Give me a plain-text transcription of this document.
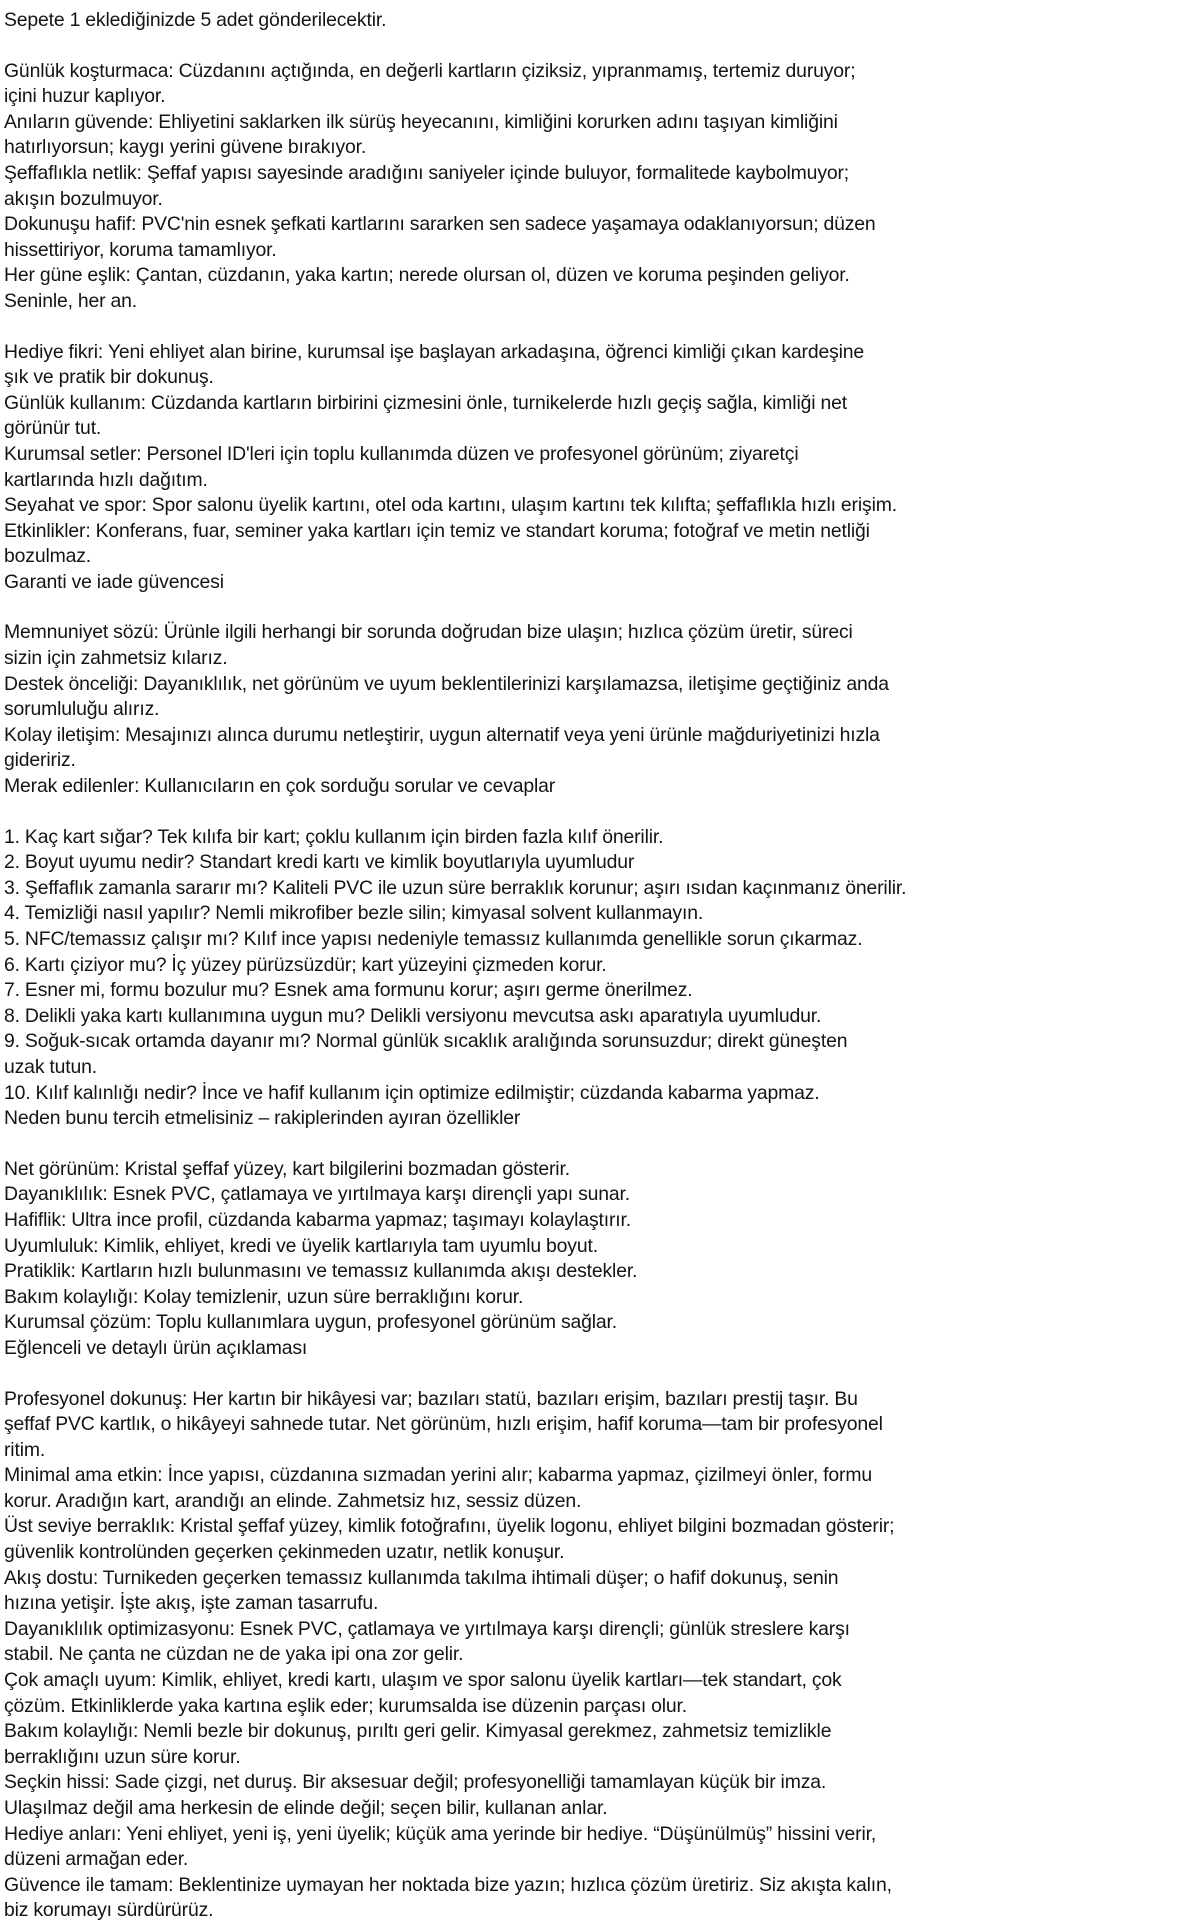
Sepete 1 eklediğinizde 5 adet gönderilecektir.
Günlük koşturmaca: Cüzdanını açtığında, en değerli kartların çiziksiz, yıpranmamış, tertemiz duruyor;
içini huzur kaplıyor.
Anıların güvende: Ehliyetini saklarken ilk sürüş heyecanını, kimliğini korurken adını taşıyan kimliğini
hatırlıyorsun; kaygı yerini güvene bırakıyor.
Şeffaflıkla netlik: Şeffaf yapısı sayesinde aradığını saniyeler içinde buluyor, formalitede kaybolmuyor;
akışın bozulmuyor.
Dokunuşu hafif: PVC'nin esnek şefkati kartlarını sararken sen sadece yaşamaya odaklanıyorsun; düzen
hissettiriyor, koruma tamamlıyor.
Her güne eşlik: Çantan, cüzdanın, yaka kartın; nerede olursan ol, düzen ve koruma peşinden geliyor.
Seninle, her an.
Hediye fikri: Yeni ehliyet alan birine, kurumsal işe başlayan arkadaşına, öğrenci kimliği çıkan kardeşine
şık ve pratik bir dokunuş.
Günlük kullanım: Cüzdanda kartların birbirini çizmesini önle, turnikelerde hızlı geçiş sağla, kimliği net
görünür tut.
Kurumsal setler: Personel ID'leri için toplu kullanımda düzen ve profesyonel görünüm; ziyaretçi
kartlarında hızlı dağıtım.
Seyahat ve spor: Spor salonu üyelik kartını, otel oda kartını, ulaşım kartını tek kılıfta; şeffaflıkla hızlı erişim.
Etkinlikler: Konferans, fuar, seminer yaka kartları için temiz ve standart koruma; fotoğraf ve metin netliği
bozulmaz.
Garanti ve iade güvencesi
Memnuniyet sözü: Ürünle ilgili herhangi bir sorunda doğrudan bize ulaşın; hızlıca çözüm üretir, süreci
sizin için zahmetsiz kılarız.
Destek önceliği: Dayanıklılık, net görünüm ve uyum beklentilerinizi karşılamazsa, iletişime geçtiğiniz anda
sorumluluğu alırız.
Kolay iletişim: Mesajınızı alınca durumu netleştirir, uygun alternatif veya yeni ürünle mağduriyetinizi hızla
gideririz.
Merak edilenler: Kullanıcıların en çok sorduğu sorular ve cevaplar
1. Kaç kart sığar? Tek kılıfa bir kart; çoklu kullanım için birden fazla kılıf önerilir.
2. Boyut uyumu nedir? Standart kredi kartı ve kimlik boyutlarıyla uyumludur
3. Şeffaflık zamanla sararır mı? Kaliteli PVC ile uzun süre berraklık korunur; aşırı ısıdan kaçınmanız önerilir.
4. Temizliği nasıl yapılır? Nemli mikrofiber bezle silin; kimyasal solvent kullanmayın.
5. NFC/temassız çalışır mı? Kılıf ince yapısı nedeniyle temassız kullanımda genellikle sorun çıkarmaz.
6. Kartı çiziyor mu? İç yüzey pürüzsüzdür; kart yüzeyini çizmeden korur.
7. Esner mi, formu bozulur mu? Esnek ama formunu korur; aşırı germe önerilmez.
8. Delikli yaka kartı kullanımına uygun mu? Delikli versiyonu mevcutsa askı aparatıyla uyumludur.
9. Soğuk-sıcak ortamda dayanır mı? Normal günlük sıcaklık aralığında sorunsuzdur; direkt güneşten
uzak tutun.
10. Kılıf kalınlığı nedir? İnce ve hafif kullanım için optimize edilmiştir; cüzdanda kabarma yapmaz.
Neden bunu tercih etmelisiniz – rakiplerinden ayıran özellikler
Net görünüm: Kristal şeffaf yüzey, kart bilgilerini bozmadan gösterir.
Dayanıklılık: Esnek PVC, çatlamaya ve yırtılmaya karşı dirençli yapı sunar.
Hafiflik: Ultra ince profil, cüzdanda kabarma yapmaz; taşımayı kolaylaştırır.
Uyumluluk: Kimlik, ehliyet, kredi ve üyelik kartlarıyla tam uyumlu boyut.
Pratiklik: Kartların hızlı bulunmasını ve temassız kullanımda akışı destekler.
Bakım kolaylığı: Kolay temizlenir, uzun süre berraklığını korur.
Kurumsal çözüm: Toplu kullanımlara uygun, profesyonel görünüm sağlar.
Eğlenceli ve detaylı ürün açıklaması
Profesyonel dokunuş: Her kartın bir hikâyesi var; bazıları statü, bazıları erişim, bazıları prestij taşır. Bu
şeffaf PVC kartlık, o hikâyeyi sahnede tutar. Net görünüm, hızlı erişim, hafif koruma—tam bir profesyonel
ritim.
Minimal ama etkin: İnce yapısı, cüzdanına sızmadan yerini alır; kabarma yapmaz, çizilmeyi önler, formu
korur. Aradığın kart, arandığı an elinde. Zahmetsiz hız, sessiz düzen.
Üst seviye berraklık: Kristal şeffaf yüzey, kimlik fotoğrafını, üyelik logonu, ehliyet bilgini bozmadan gösterir;
güvenlik kontrolünden geçerken çekinmeden uzatır, netlik konuşur.
Akış dostu: Turnikeden geçerken temassız kullanımda takılma ihtimali düşer; o hafif dokunuş, senin
hızına yetişir. İşte akış, işte zaman tasarrufu.
Dayanıklılık optimizasyonu: Esnek PVC, çatlamaya ve yırtılmaya karşı dirençli; günlük streslere karşı
stabil. Ne çanta ne cüzdan ne de yaka ipi ona zor gelir.
Çok amaçlı uyum: Kimlik, ehliyet, kredi kartı, ulaşım ve spor salonu üyelik kartları—tek standart, çok
çözüm. Etkinliklerde yaka kartına eşlik eder; kurumsalda ise düzenin parçası olur.
Bakım kolaylığı: Nemli bezle bir dokunuş, pırıltı geri gelir. Kimyasal gerekmez, zahmetsiz temizlikle
berraklığını uzun süre korur.
Seçkin hissi: Sade çizgi, net duruş. Bir aksesuar değil; profesyonelliği tamamlayan küçük bir imza.
Ulaşılmaz değil ama herkesin de elinde değil; seçen bilir, kullanan anlar.
Hediye anları: Yeni ehliyet, yeni iş, yeni üyelik; küçük ama yerinde bir hediye. “Düşünülmüş” hissini verir,
düzeni armağan eder.
Güvence ile tamam: Beklentinize uymayan her noktada bize yazın; hızlıca çözüm üretiriz. Siz akışta kalın,
biz korumayı sürdürürüz.
